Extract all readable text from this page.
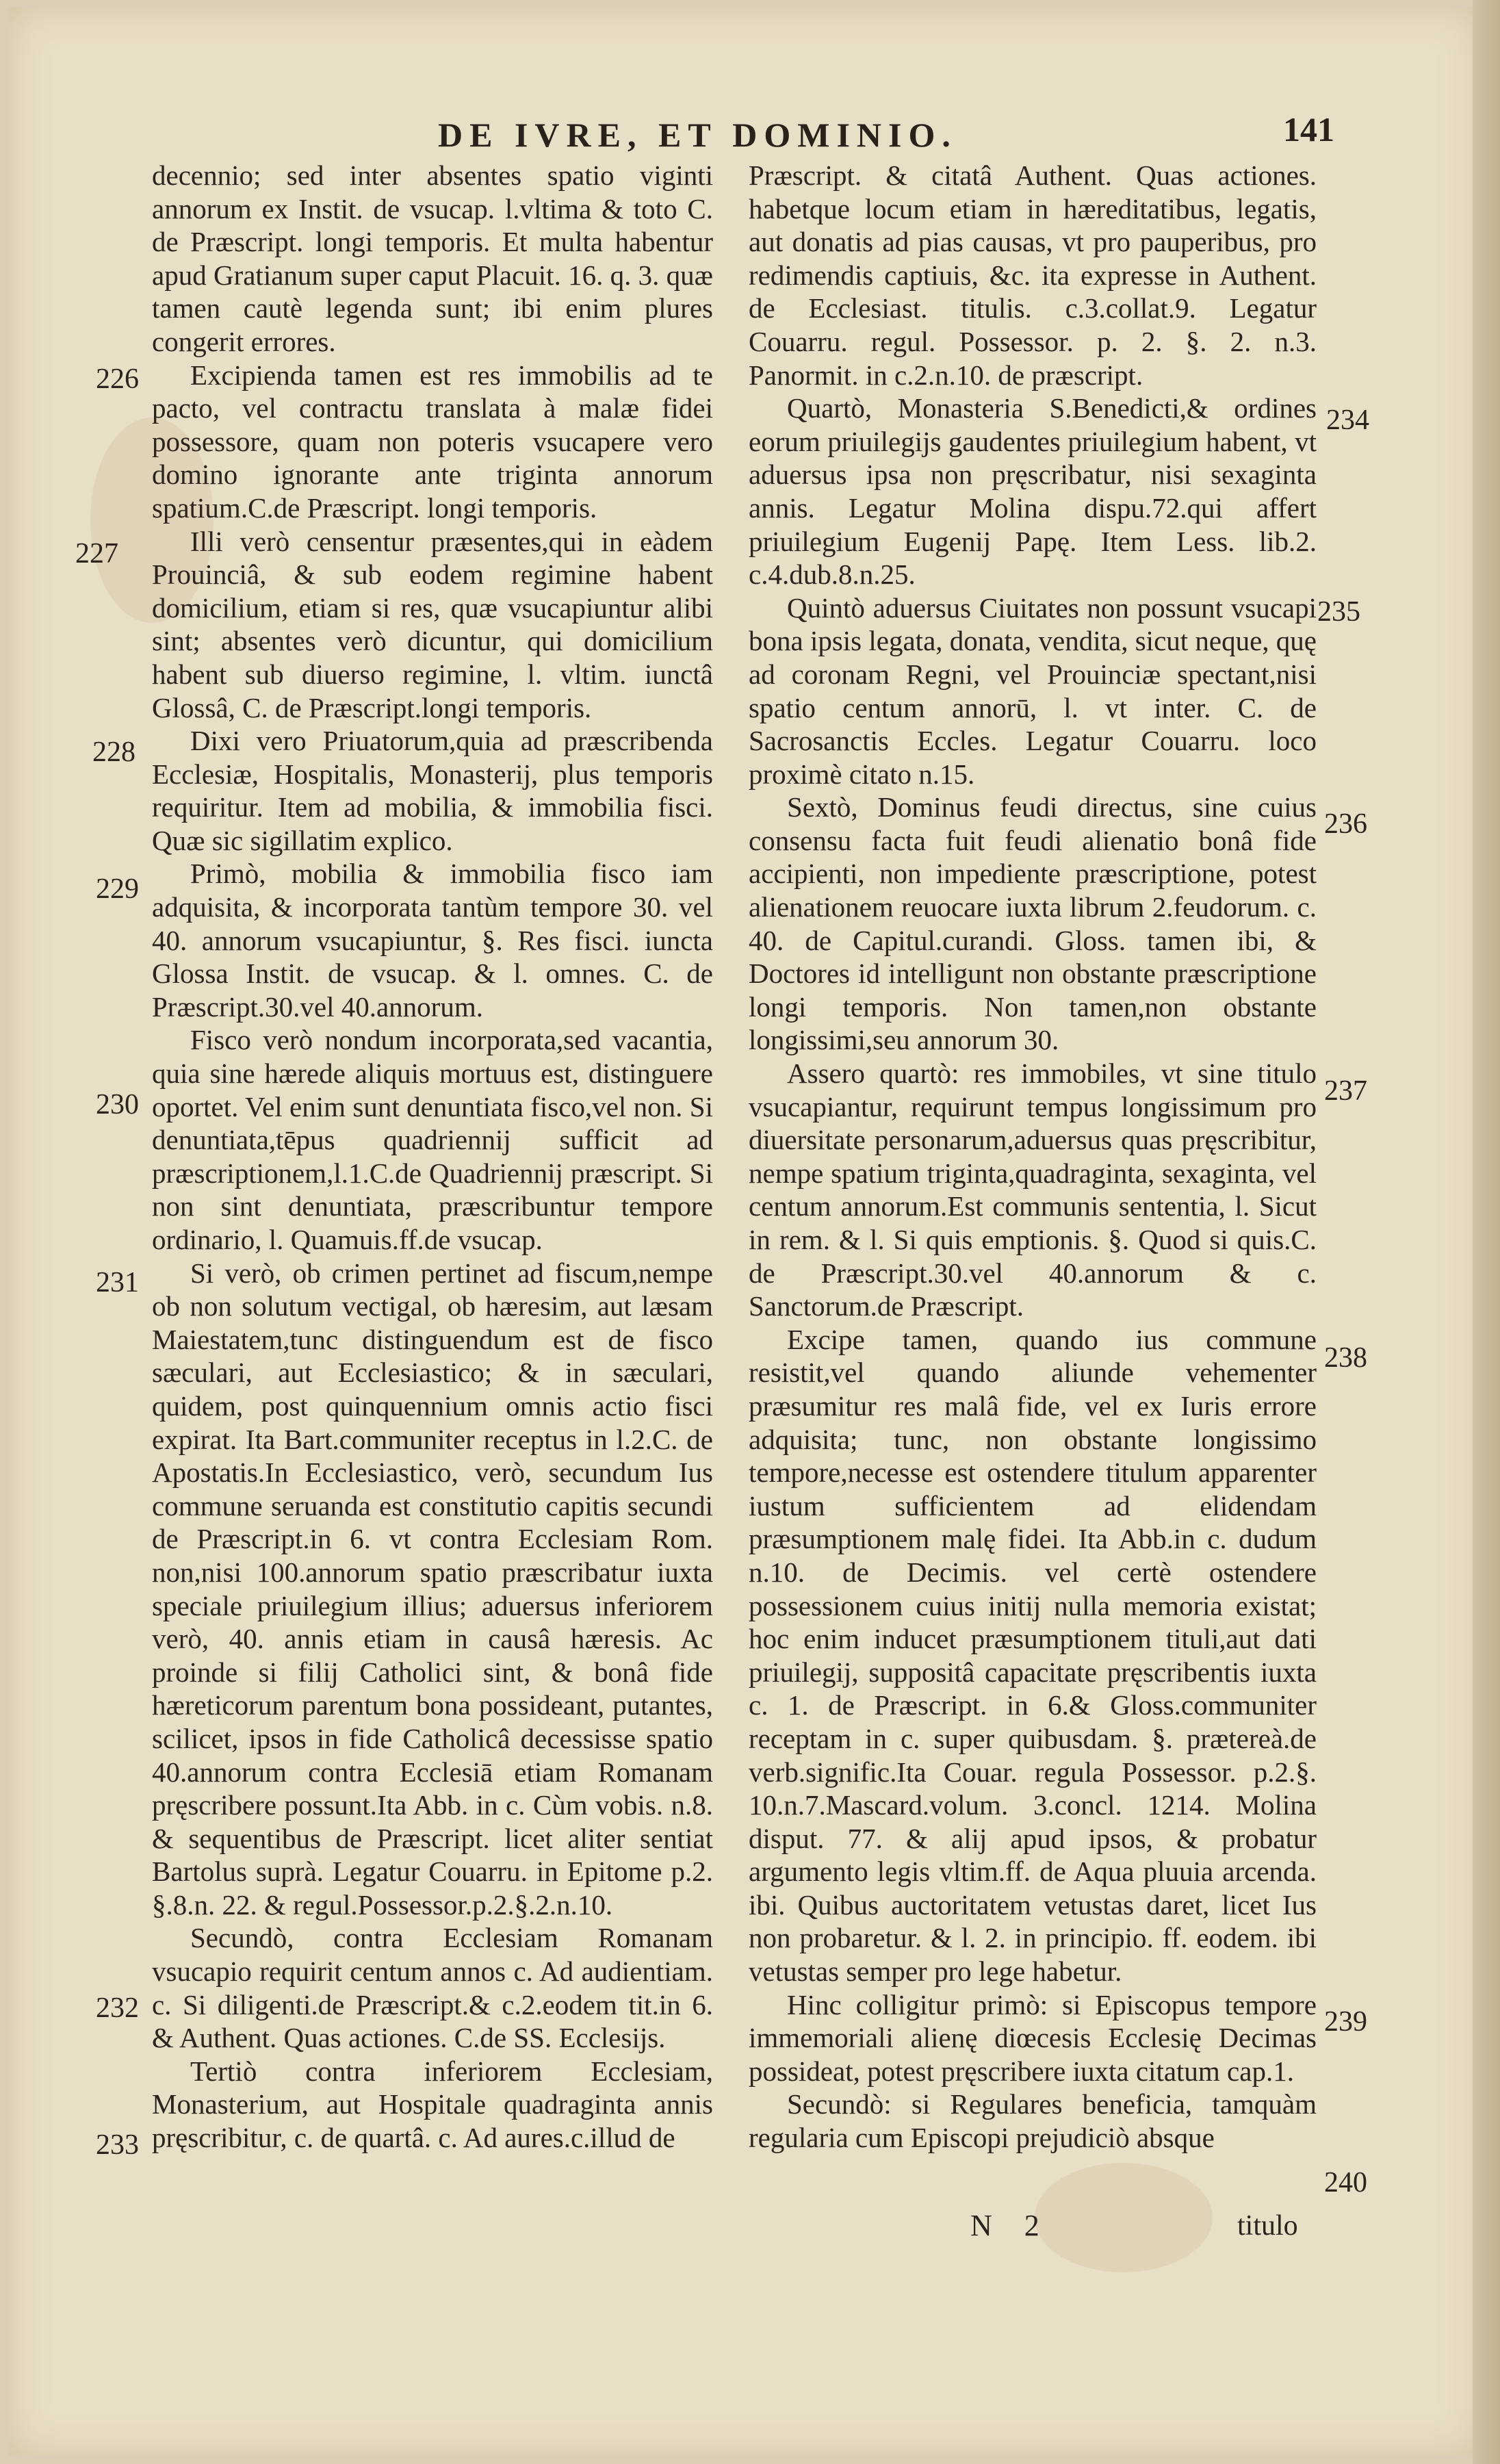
DE IVRE, ET DOMINIO.	141

decennio; sed inter absentes spatio viginti annorum ex Instit. de vsucap. l.vltima & toto C. de Præscript. longi temporis. Et multa habentur apud Gratianum super caput Placuit. 16. q. 3. quæ tamen cautè legenda sunt; ibi enim plures congerit errores.

Excipienda tamen est res immobilis ad te pacto, vel contractu translata à malæ fidei possessore, quam non poteris vsucapere vero domino ignorante ante triginta annorum spatium.C.de Præscript. longi temporis.

Illi verò censentur præsentes,qui in eàdem Prouinciâ, & sub eodem regimine habent domicilium, etiam si res, quæ vsucapiuntur alibi sint; absentes verò dicuntur, qui domicilium habent sub diuerso regimine, l. vltim. iunctâ Glossâ, C. de Præscript.longi temporis.

Dixi vero Priuatorum,quia ad præscribenda Ecclesiæ, Hospitalis, Monasterij, plus temporis requiritur. Item ad mobilia, & immobilia fisci. Quæ sic sigillatim explico.

Primò, mobilia & immobilia fisco iam adquisita, & incorporata tantùm tempore 30. vel 40. annorum vsucapiuntur, §. Res fisci. iuncta Glossa Instit. de vsucap. & l. omnes. C. de Præscript.30.vel 40.annorum.

Fisco verò nondum incorporata,sed vacantia, quia sine hærede aliquis mortuus est, distinguere oportet. Vel enim sunt denuntiata fisco,vel non. Si denuntiata,tēpus quadriennij sufficit ad præscriptionem,l.1.C.de Quadriennij præscript. Si non sint denuntiata, præscribuntur tempore ordinario, l. Quamuis.ff.de vsucap.

Si verò, ob crimen pertinet ad fiscum,nempe ob non solutum vectigal, ob hæresim, aut læsam Maiestatem,tunc distinguendum est de fisco sæculari, aut Ecclesiastico; & in sæculari, quidem, post quinquennium omnis actio fisci expirat. Ita Bart.communiter receptus in l.2.C. de Apostatis.In Ecclesiastico, verò, secundum Ius commune seruanda est constitutio capitis secundi de Præscript.in 6. vt contra Ecclesiam Rom. non,nisi 100.annorum spatio præscribatur iuxta speciale priuilegium illius; aduersus inferiorem verò, 40. annis etiam in causâ hæresis. Ac proinde si filij Catholici sint, & bonâ fide hæreticorum parentum bona possideant, putantes, scilicet, ipsos in fide Catholicâ decessisse spatio 40.annorum contra Ecclesiā etiam Romanam pręscribere possunt.Ita Abb. in c. Cùm vobis. n.8. & sequentibus de Præscript. licet aliter sentiat Bartolus suprà. Legatur Couarru. in Epitome p.2. §.8.n. 22. & regul.Possessor.p.2.§.2.n.10.

Secundò, contra Ecclesiam Romanam vsucapio requirit centum annos c. Ad audientiam. c. Si diligenti.de Præscript.& c.2.eodem tit.in 6. & Authent. Quas actiones. C.de SS. Ecclesijs.

Tertiò contra inferiorem Ecclesiam, Monasterium, aut Hospitale quadraginta annis pręscribitur, c. de quartâ. c. Ad aures.c.illud de

Præscript. & citatâ Authent. Quas actiones. habetque locum etiam in hæreditatibus, legatis, aut donatis ad pias causas, vt pro pauperibus, pro redimendis captiuis, &c. ita expresse in Authent. de Ecclesiast. titulis. c.3.collat.9. Legatur Couarru. regul. Possessor. p. 2. §. 2. n.3. Panormit. in c.2.n.10. de præscript.

Quartò, Monasteria S.Benedicti,& ordines eorum priuilegijs gaudentes priuilegium habent, vt aduersus ipsa non pręscribatur, nisi sexaginta annis. Legatur Molina dispu.72.qui affert priuilegium Eugenij Papę. Item Less. lib.2. c.4.dub.8.n.25.

Quintò aduersus Ciuitates non possunt vsucapi bona ipsis legata, donata, vendita, sicut neque, quę ad coronam Regni, vel Prouinciæ spectant,nisi spatio centum annorū, l. vt inter. C. de Sacrosanctis Eccles. Legatur Couarru. loco proximè citato n.15.

Sextò, Dominus feudi directus, sine cuius consensu facta fuit feudi alienatio bonâ fide accipienti, non impediente præscriptione, potest alienationem reuocare iuxta librum 2.feudorum. c. 40. de Capitul.curandi. Gloss. tamen ibi, & Doctores id intelligunt non obstante præscriptione longi temporis. Non tamen,non obstante longissimi,seu annorum 30.

Assero quartò: res immobiles, vt sine titulo vsucapiantur, requirunt tempus longissimum pro diuersitate personarum,aduersus quas pręscribitur, nempe spatium triginta,quadraginta, sexaginta, vel centum annorum.Est communis sententia, l. Sicut in rem. & l. Si quis emptionis. §. Quod si quis.C. de Præscript.30.vel 40.annorum & c. Sanctorum.de Præscript.

Excipe tamen, quando ius commune resistit,vel quando aliunde vehementer præsumitur res malâ fide, vel ex Iuris errore adquisita; tunc, non obstante longissimo tempore,necesse est ostendere titulum apparenter iustum sufficientem ad elidendam præsumptionem malę fidei. Ita Abb.in c. dudum n.10. de Decimis. vel certè ostendere possessionem cuius initij nulla memoria existat; hoc enim inducet præsumptionem tituli,aut dati priuilegij, suppositâ capacitate pręscribentis iuxta c. 1. de Præscript. in 6.& Gloss.communiter receptam in c. super quibusdam. §. prætereà.de verb.signific.Ita Couar. regula Possessor. p.2.§. 10.n.7.Mascard.volum. 3.concl. 1214. Molina disput. 77. & alij apud ipsos, & probatur argumento legis vltim.ff. de Aqua pluuia arcenda. ibi. Quibus auctoritatem vetustas daret, licet Ius non probaretur. & l. 2. in principio. ff. eodem. ibi vetustas semper pro lege habetur.

Hinc colligitur primò: si Episcopus tempore immemoriali alienę diœcesis Ecclesię Decimas possideat, potest pręscribere iuxta citatum cap.1.

Secundò: si Regulares beneficia, tamquàm regularia cum Episcopi prejudiciò absque

226
227
228
229
230
231
232
233
234
235
236
237
238
239
240
N 2	titulo
